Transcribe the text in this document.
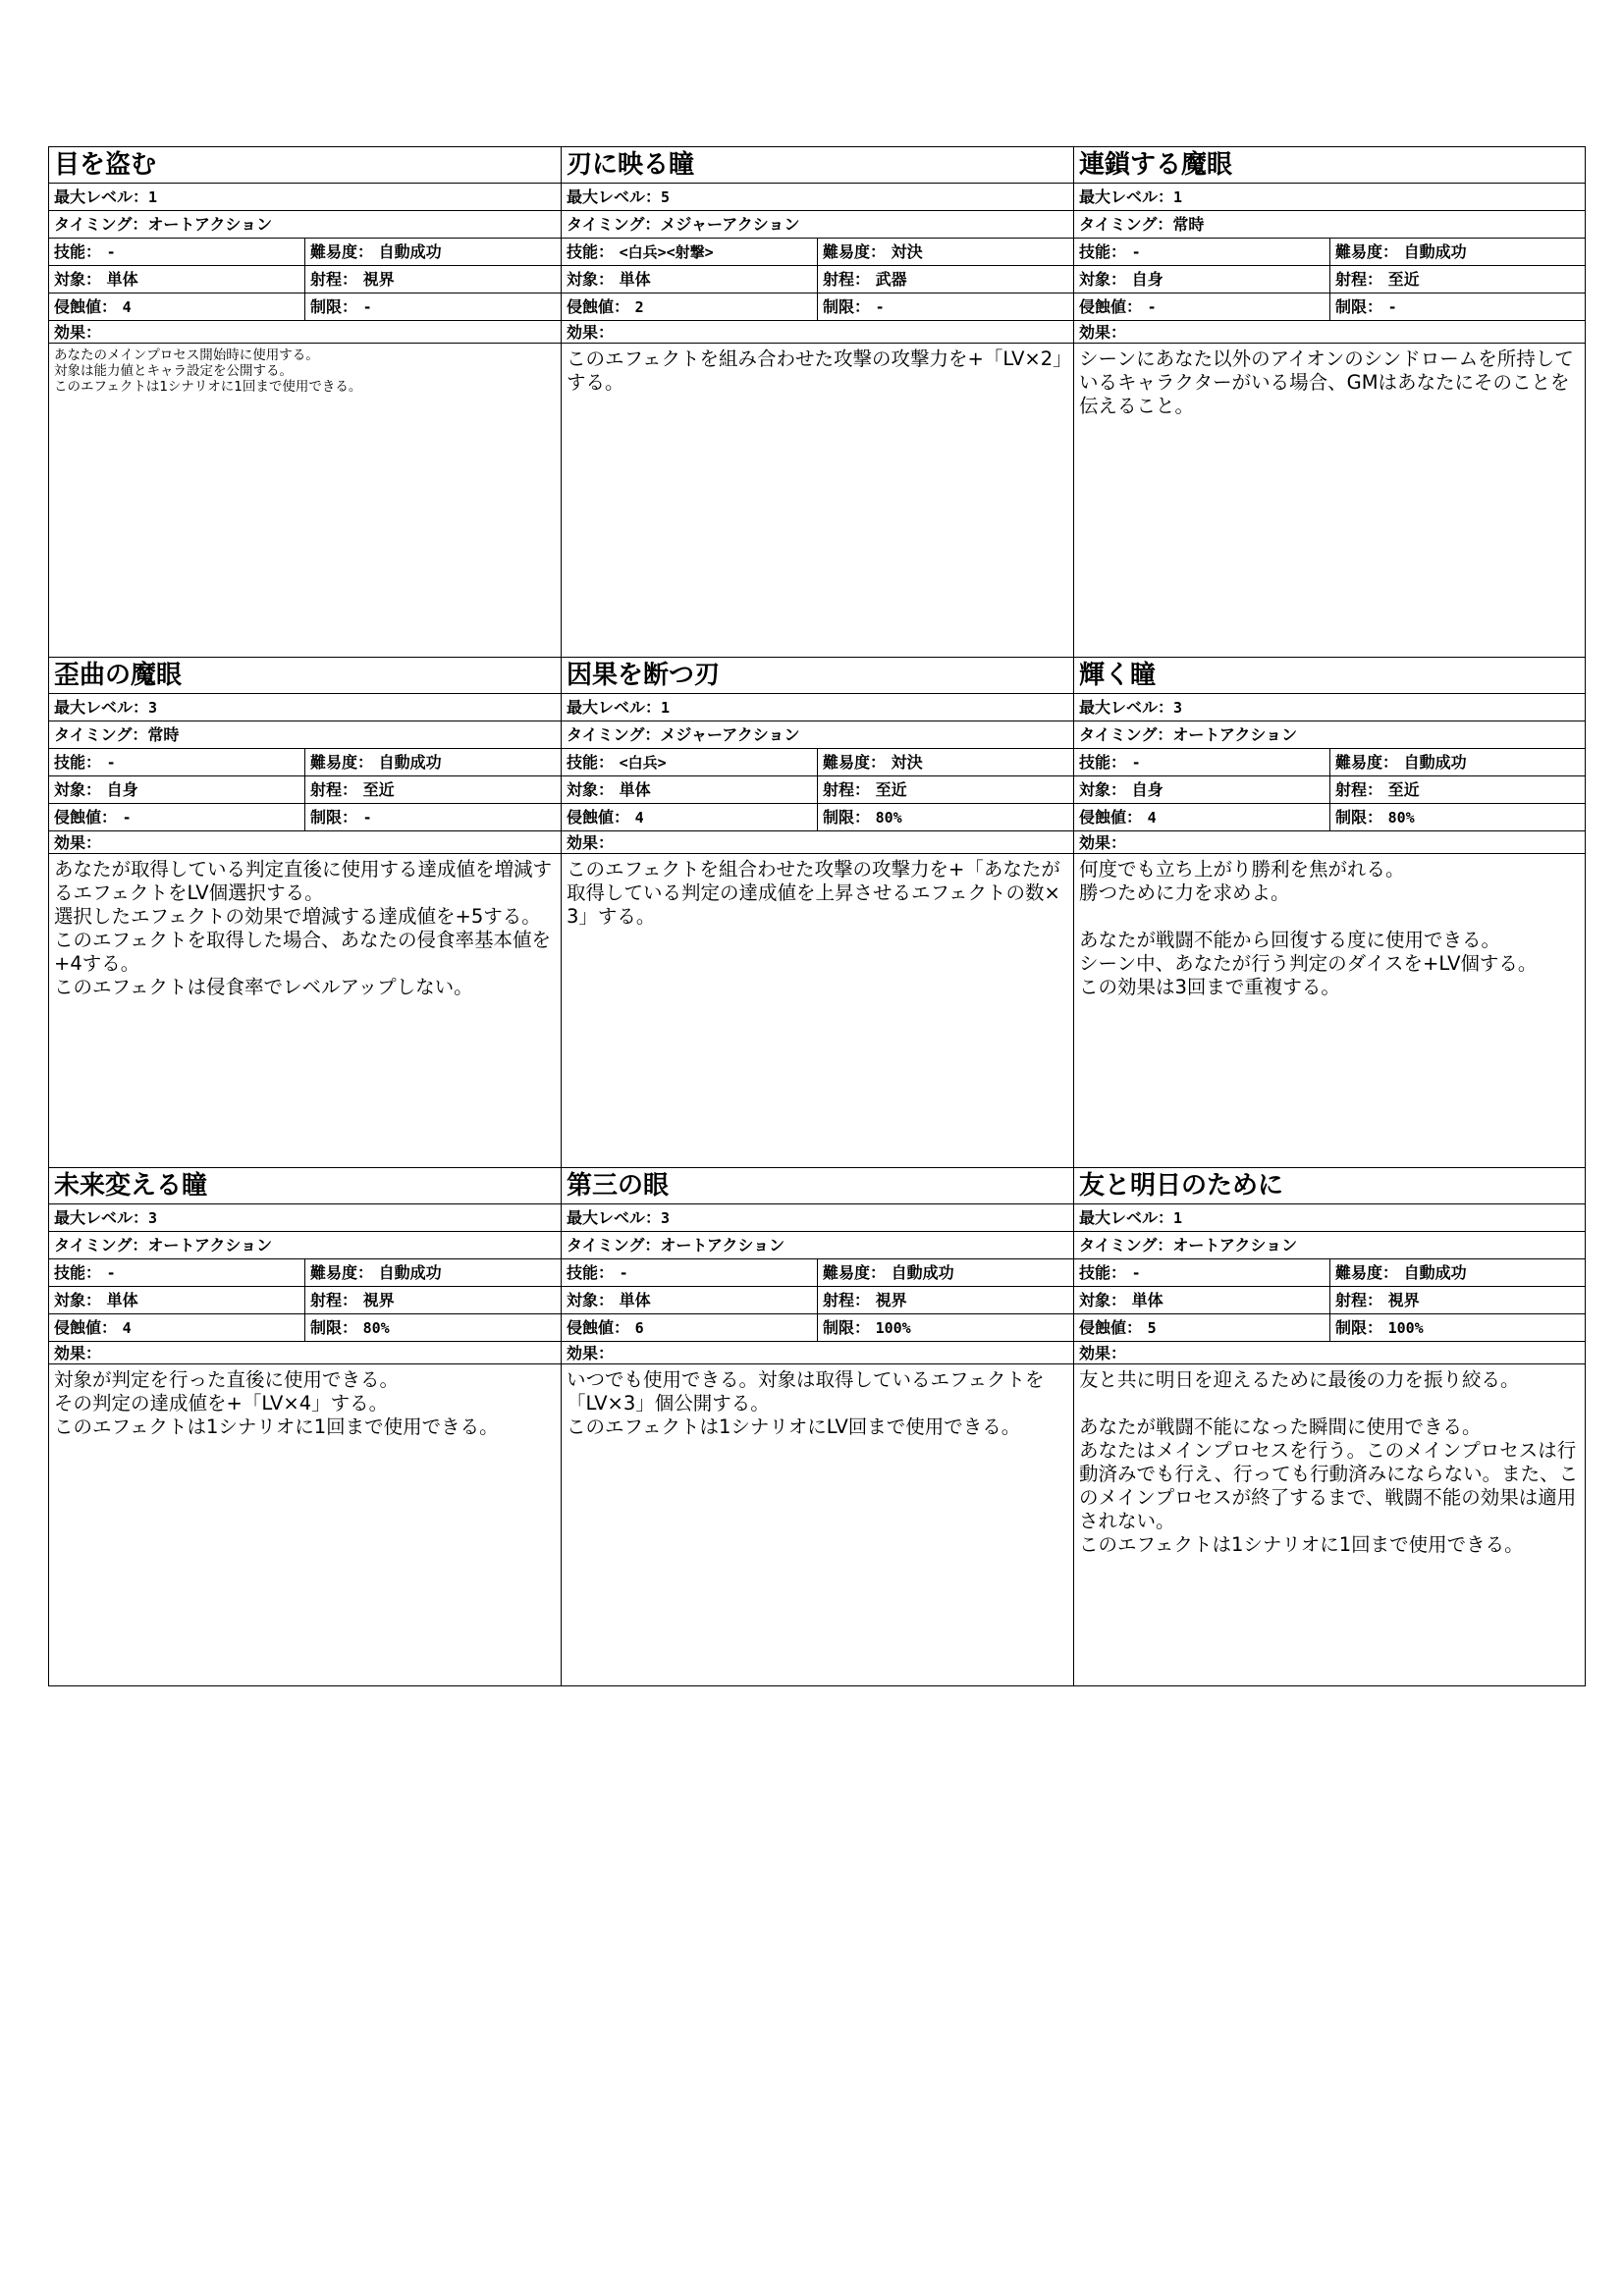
目を盗む
最大レベル：1
タイミング：オートアクション
技能： -	難易度： 自動成功
対象： 単体	射程： 視界
侵蝕値： 4	制限： -
効果：
あなたのメインプロセス開始時に使用する。
対象は能力値とキャラ設定を公開する。
このエフェクトは1シナリオに1回まで使用できる。
刃に映る瞳
最大レベル：5
タイミング：メジャーアクション
技能： <白兵><射撃>	難易度： 対決
対象： 単体	射程： 武器
侵蝕値： 2	制限： -
効果：
このエフェクトを組み合わせた攻撃の攻撃力を+「LV×2」する。
連鎖する魔眼
最大レベル：1
タイミング：常時
技能： -	難易度： 自動成功
対象： 自身	射程： 至近
侵蝕値： -	制限： -
効果：
シーンにあなた以外のアイオンのシンドロームを所持しているキャラクターがいる場合、GMはあなたにそのことを伝えること。
歪曲の魔眼
最大レベル：3
タイミング：常時
技能： -	難易度： 自動成功
対象： 自身	射程： 至近
侵蝕値： -	制限： -
効果：
あなたが取得している判定直後に使用する達成値を増減するエフェクトをLV個選択する。
選択したエフェクトの効果で増減する達成値を+5する。
このエフェクトを取得した場合、あなたの侵食率基本値を+4する。
このエフェクトは侵食率でレベルアップしない。
因果を断つ刃
最大レベル：1
タイミング：メジャーアクション
技能： <白兵>	難易度： 対決
対象： 単体	射程： 至近
侵蝕値： 4	制限： 80%
効果：
このエフェクトを組合わせた攻撃の攻撃力を+「あなたが取得している判定の達成値を上昇させるエフェクトの数×3」する。
輝く瞳
最大レベル：3
タイミング：オートアクション
技能： -	難易度： 自動成功
対象： 自身	射程： 至近
侵蝕値： 4	制限： 80%
効果：
何度でも立ち上がり勝利を焦がれる。
勝つために力を求めよ。

あなたが戦闘不能から回復する度に使用できる。
シーン中、あなたが行う判定のダイスを+LV個する。
この効果は3回まで重複する。
未来変える瞳
最大レベル：3
タイミング：オートアクション
技能： -	難易度： 自動成功
対象： 単体	射程： 視界
侵蝕値： 4	制限： 80%
効果：
対象が判定を行った直後に使用できる。
その判定の達成値を+「LV×4」する。
このエフェクトは1シナリオに1回まで使用できる。
第三の眼
最大レベル：3
タイミング：オートアクション
技能： -	難易度： 自動成功
対象： 単体	射程： 視界
侵蝕値： 6	制限： 100%
効果：
いつでも使用できる。対象は取得しているエフェクトを「LV×3」個公開する。
このエフェクトは1シナリオにLV回まで使用できる。
友と明日のために
最大レベル：1
タイミング：オートアクション
技能： -	難易度： 自動成功
対象： 単体	射程： 視界
侵蝕値： 5	制限： 100%
効果：
友と共に明日を迎えるために最後の力を振り絞る。

あなたが戦闘不能になった瞬間に使用できる。
あなたはメインプロセスを行う。このメインプロセスは行動済みでも行え、行っても行動済みにならない。また、このメインプロセスが終了するまで、戦闘不能の効果は適用されない。
このエフェクトは1シナリオに1回まで使用できる。
